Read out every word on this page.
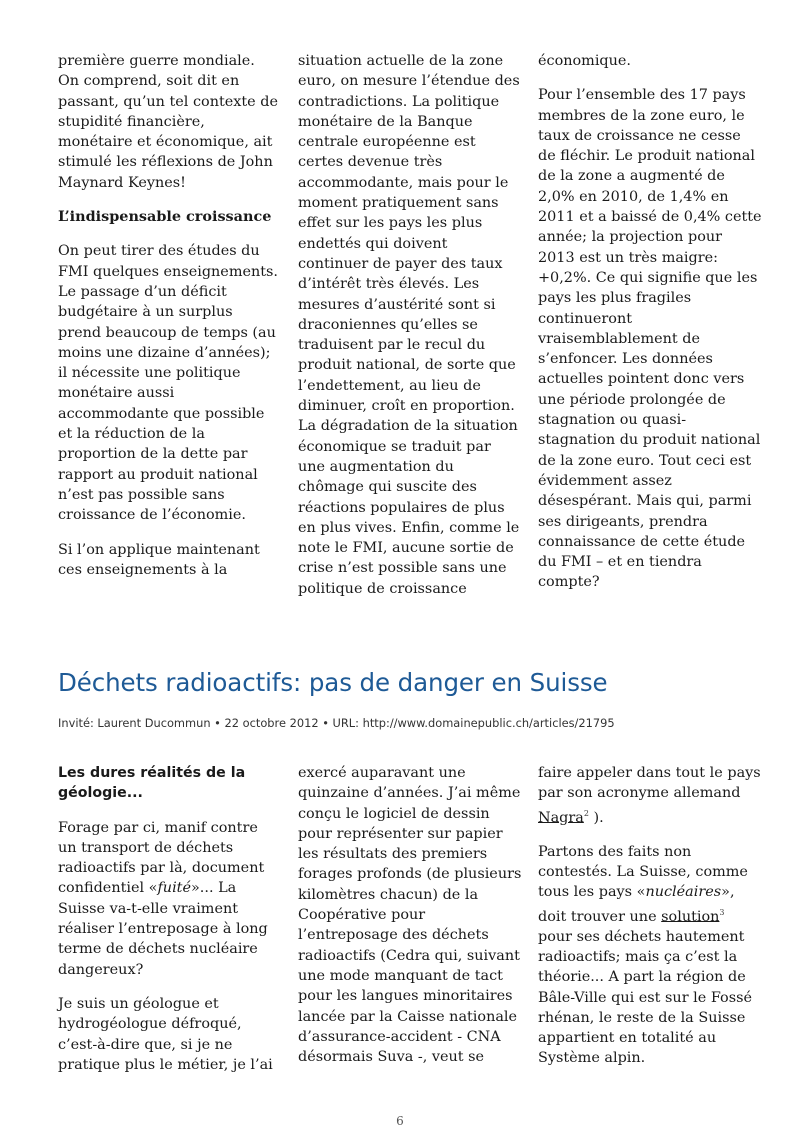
première guerre mondiale. On comprend, soit dit en passant, qu’un tel contexte de stupidité financière, monétaire et économique, ait stimulé les réflexions de John Maynard Keynes!

L’indispensable croissance

On peut tirer des études du FMI quelques enseignements. Le passage d’un déficit budgétaire à un surplus prend beaucoup de temps (au moins une dizaine d’années); il nécessite une politique monétaire aussi accommodante que possible et la réduction de la proportion de la dette par rapport au produit national n’est pas possible sans croissance de l’économie.

Si l’on applique maintenant ces enseignements à la

situation actuelle de la zone euro, on mesure l’étendue des contradictions. La politique monétaire de la Banque centrale européenne est certes devenue très accommodante, mais pour le moment pratiquement sans effet sur les pays les plus endettés qui doivent continuer de payer des taux d’intérêt très élevés. Les mesures d’austérité sont si draconiennes qu’elles se traduisent par le recul du produit national, de sorte que l’endettement, au lieu de diminuer, croît en proportion. La dégradation de la situation économique se traduit par une augmentation du chômage qui suscite des réactions populaires de plus en plus vives. Enfin, comme le note le FMI, aucune sortie de crise n’est possible sans une politique de croissance

économique.

Pour l’ensemble des 17 pays membres de la zone euro, le taux de croissance ne cesse de fléchir. Le produit national de la zone a augmenté de 2,0% en 2010, de 1,4% en 2011 et a baissé de 0,4% cette année; la projection pour 2013 est un très maigre: +0,2%. Ce qui signifie que les pays les plus fragiles continueront vraisemblablement de s’enfoncer. Les données actuelles pointent donc vers une période prolongée de stagnation ou quasi-stagnation du produit national de la zone euro. Tout ceci est évidemment assez désespérant. Mais qui, parmi ses dirigeants, prendra connaissance de cette étude du FMI – et en tiendra compte?

Déchets radioactifs: pas de danger en Suisse
Invité: Laurent Ducommun • 22 octobre 2012 • URL: http://www.domainepublic.ch/articles/21795
Les dures réalités de la géologie...

Forage par ci, manif contre un transport de déchets radioactifs par là, document confidentiel «fuité»... La Suisse va-t-elle vraiment réaliser l’entreposage à long terme de déchets nucléaire dangereux?

Je suis un géologue et hydrogéologue défroqué, c’est-à-dire que, si je ne pratique plus le métier, je l’ai

exercé auparavant une quinzaine d’années. J’ai même conçu le logiciel de dessin pour représenter sur papier les résultats des premiers forages profonds (de plusieurs kilomètres chacun) de la Coopérative pour l’entreposage des déchets radioactifs (Cedra qui, suivant une mode manquant de tact pour les langues minoritaires lancée par la Caisse nationale d’assurance-accident - CNA désormais Suva -, veut se

faire appeler dans tout le pays par son acronyme allemand Nagra$^2$ ).

Partons des faits non contestés. La Suisse, comme tous les pays «nucléaires», doit trouver une solution$^3$ pour ses déchets hautement radioactifs; mais ça c’est la théorie... A part la région de Bâle-Ville qui est sur le Fossé rhénan, le reste de la Suisse appartient en totalité au Système alpin.

6
